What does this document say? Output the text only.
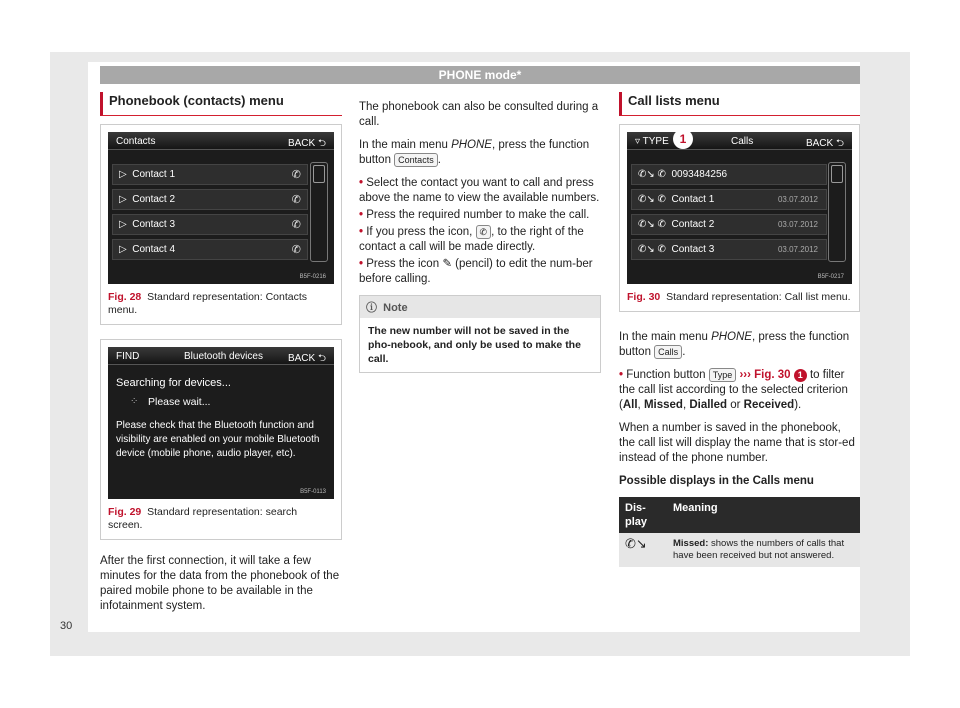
PHONE mode*
Phonebook (contacts) menu
Contacts	BACK ⮌
▷  Contact 1	✆
▷  Contact 2	✆
▷  Contact 3	✆
▷  Contact 4	✆
B5F-0216
Fig. 28 Standard representation: Contacts menu.
FIND	Bluetooth devices	BACK ⮌
Searching for devices...
⁘ Please wait...
Please check that the Bluetooth function and visibility are enabled on your mobile Bluetooth device (mobile phone, audio player, etc).
B5F-0113
Fig. 29 Standard representation: search screen.

After the first connection, it will take a few minutes for the data from the phonebook of the paired mobile phone to be available in the infotainment system.

The phonebook can also be consulted during a call.

In the main menu PHONE, press the function button Contacts .

• Select the contact you want to call and press above the name to view the available numbers.

• Press the required number to make the call.

• If you press the icon, ✆ , to the right of the contact a call will be made directly.

• Press the icon ✎ (pencil) to edit the num-ber before calling.

ⓘ Note
The new number will not be saved in the pho-nebook, and only be used to make the call.
Call lists menu
▿ TYPE 1	Calls	BACK ⮌
✆↘ ✆ 0093484256
✆↘ ✆ Contact 1	03.07.2012
✆↘ ✆ Contact 2	03.07.2012
✆↘ ✆ Contact 3	03.07.2012
B5F-0217
Fig. 30 Standard representation: Call list menu.

In the main menu PHONE, press the function button Calls .

• Function button Type ››› Fig. 30 1 to filter the call list according to the selected criterion (All, Missed, Dialled or Received).

When a number is saved in the phonebook, the call list will display the name that is stor-ed instead of the phone number.

Possible displays in the Calls menu

Dis-play	Meaning
✆↘	Missed: shows the numbers of calls that have been received but not answered.
30
